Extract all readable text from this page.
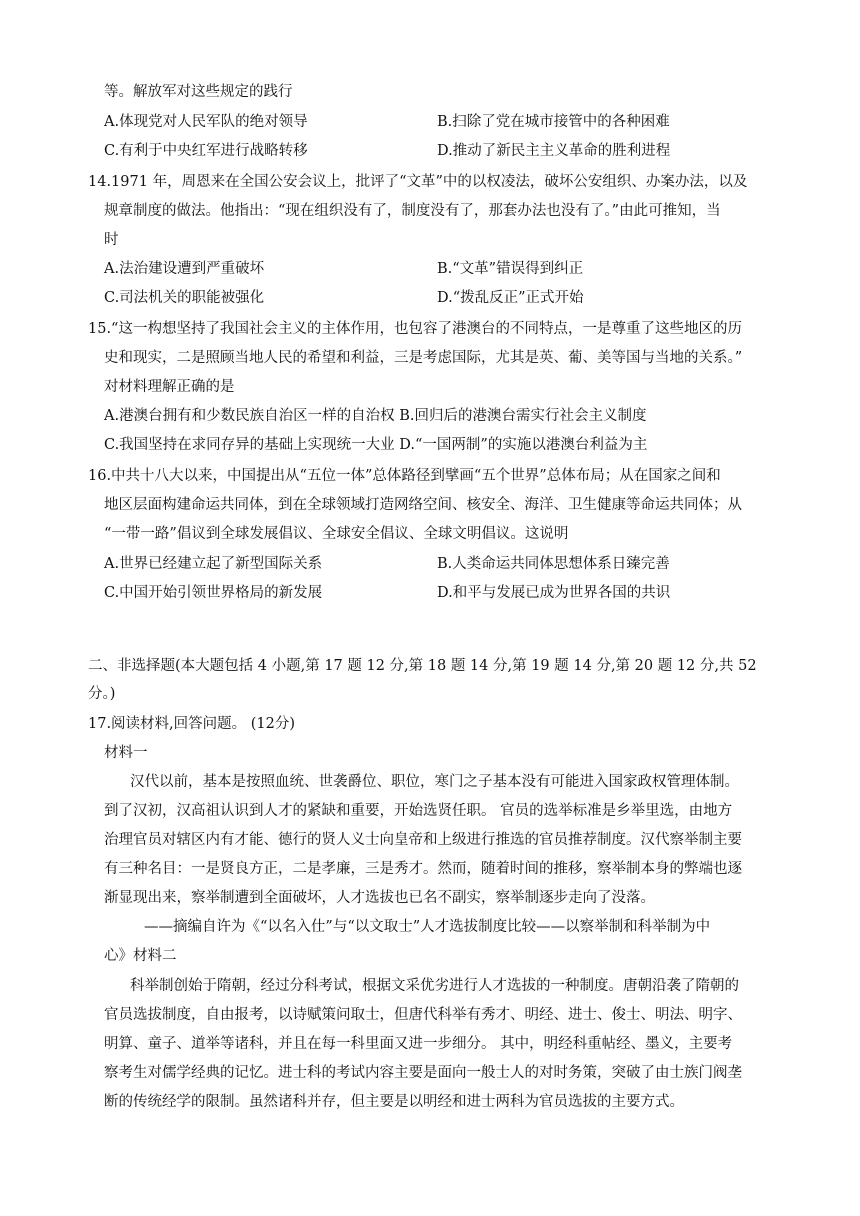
等。解放军对这些规定的践行
A.体现党对人民军队的绝对领导	B.扫除了党在城市接管中的各种困难
C.有利于中央红军进行战略转移	D.推动了新民主主义革命的胜利进程
14.1971 年，周恩来在全国公安会议上，批评了“文革”中的以权凌法，破坏公安组织、办案办法，以及
规章制度的做法。他指出：“现在组织没有了，制度没有了，那套办法也没有了。”由此可推知，当
时
A.法治建设遭到严重破坏	B.“文革”错误得到纠正
C.司法机关的职能被强化	D.“拨乱反正”正式开始
15.“这一构想坚持了我国社会主义的主体作用，也包容了港澳台的不同特点，一是尊重了这些地区的历
史和现实，二是照顾当地人民的希望和利益，三是考虑国际，尤其是英、葡、美等国与当地的关系。”
对材料理解正确的是
A.港澳台拥有和少数民族自治区一样的自治权 B.回归后的港澳台需实行社会主义制度
C.我国坚持在求同存异的基础上实现统一大业 D.“一国两制”的实施以港澳台利益为主
16.中共十八大以来，中国提出从“五位一体”总体路径到擘画“五个世界”总体布局；从在国家之间和
地区层面构建命运共同体，到在全球领域打造网络空间、核安全、海洋、卫生健康等命运共同体；从
“一带一路”倡议到全球发展倡议、全球安全倡议、全球文明倡议。这说明
A.世界已经建立起了新型国际关系	B.人类命运共同体思想体系日臻完善
C.中国开始引领世界格局的新发展	D.和平与发展已成为世界各国的共识
二、非选择题(本大题包括 4 小题,第 17 题 12 分,第 18 题 14 分,第 19 题 14 分,第 20 题 12 分,共 52
分。)
17.阅读材料,回答问题。 (12分)
材料一
汉代以前，基本是按照血统、世袭爵位、职位，寒门之子基本没有可能进入国家政权管理体制。
到了汉初，汉高祖认识到人才的紧缺和重要，开始选贤任职。 官员的选举标准是乡举里选，由地方
治理官员对辖区内有才能、德行的贤人义士向皇帝和上级进行推选的官员推荐制度。汉代察举制主要
有三种名目：一是贤良方正，二是孝廉，三是秀才。然而，随着时间的推移，察举制本身的弊端也逐
渐显现出来，察举制遭到全面破坏，人才选拔也已名不副实，察举制逐步走向了没落。
——摘编自许为《“以名入仕”与“以文取士”人才选拔制度比较——以察举制和科举制为中
心》材料二
科举制创始于隋朝，经过分科考试，根据文采优劣进行人才选拔的一种制度。唐朝沿袭了隋朝的
官员选拔制度，自由报考，以诗赋策问取士，但唐代科举有秀才、明经、进士、俊士、明法、明字、
明算、童子、道举等诸科，并且在每一科里面又进一步细分。 其中，明经科重帖经、墨义，主要考
察考生对儒学经典的记忆。进士科的考试内容主要是面向一般士人的对时务策，突破了由士族门阀垄
断的传统经学的限制。虽然诸科并存，但主要是以明经和进士两科为官员选拔的主要方式。
